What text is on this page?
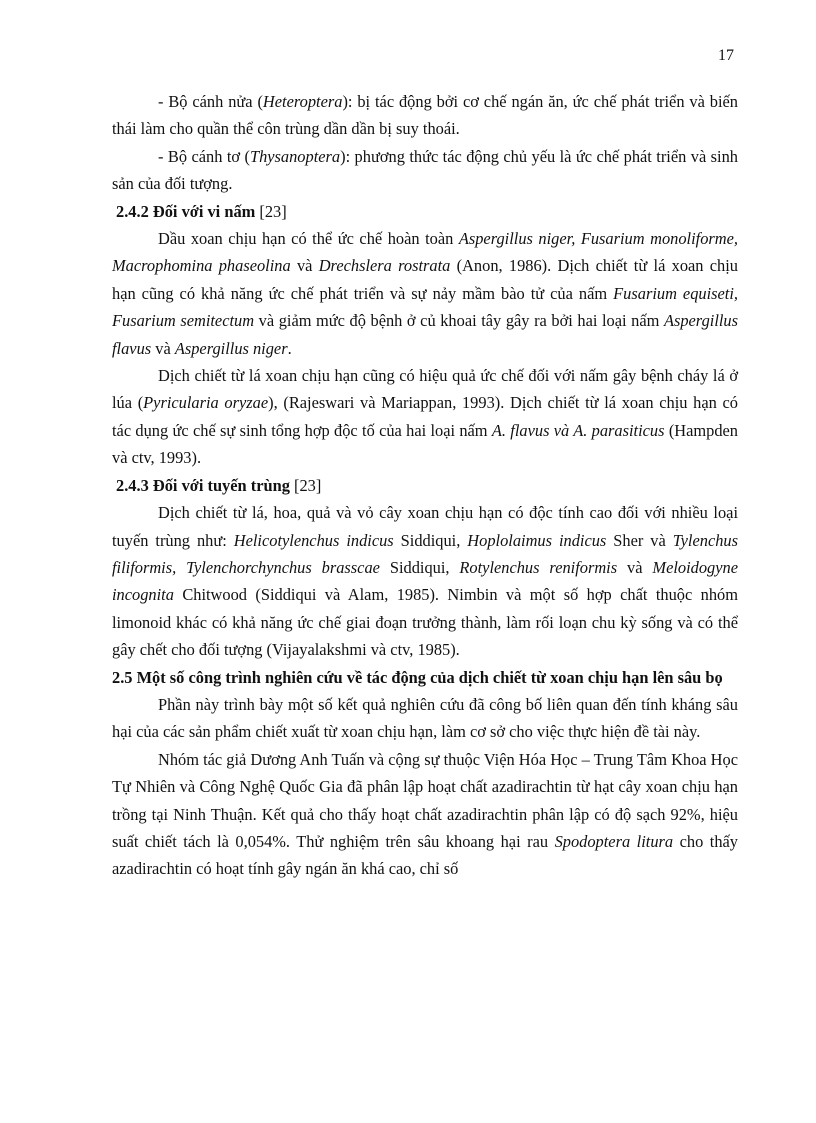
17

- Bộ cánh nửa (Heteroptera): bị tác động bởi cơ chế ngán ăn, ức chế phát triển và biến thái làm cho quần thể côn trùng dần dần bị suy thoái.

- Bộ cánh tơ (Thysanoptera): phương thức tác động chủ yếu là ức chế phát triển và sinh sản của đối tượng.

2.4.2 Đối với vi nấm [23]

Dầu xoan chịu hạn có thể ức chế hoàn toàn Aspergillus niger, Fusarium monoliforme, Macrophomina phaseolina và Drechslera rostrata (Anon, 1986). Dịch chiết từ lá xoan chịu hạn cũng có khả năng ức chế phát triển và sự nảy mầm bào tử của nấm Fusarium equiseti, Fusarium semitectum và giảm mức độ bệnh ở củ khoai tây gây ra bởi hai loại nấm Aspergillus flavus và Aspergillus niger.

Dịch chiết từ lá xoan chịu hạn cũng có hiệu quả ức chế đối với nấm gây bệnh cháy lá ở lúa (Pyricularia oryzae), (Rajeswari và Mariappan, 1993). Dịch chiết từ lá xoan chịu hạn có tác dụng ức chế sự sinh tổng hợp độc tố của hai loại nấm A. flavus và A. parasiticus (Hampden và ctv, 1993).

2.4.3 Đối với tuyến trùng [23]

Dịch chiết từ lá, hoa, quả và vỏ cây xoan chịu hạn có độc tính cao đối với nhiều loại tuyến trùng như: Helicotylenchus indicus Siddiqui, Hoplolaimus indicus Sher và Tylenchus filiformis, Tylenchorchynchus brasscae Siddiqui, Rotylenchus reniformis và Meloidogyne incognita Chitwood (Siddiqui và Alam, 1985). Nimbin và một số hợp chất thuộc nhóm limonoid khác có khả năng ức chế giai đoạn trưởng thành, làm rối loạn chu kỳ sống và có thể gây chết cho đối tượng (Vijayalakshmi và ctv, 1985).

2.5 Một số công trình nghiên cứu về tác động của dịch chiết từ xoan chịu hạn lên sâu bọ

Phần này trình bày một số kết quả nghiên cứu đã công bố liên quan đến tính kháng sâu hại của các sản phẩm chiết xuất từ xoan chịu hạn, làm cơ sở cho việc thực hiện đề tài này.

Nhóm tác giả Dương Anh Tuấn và cộng sự thuộc Viện Hóa Học – Trung Tâm Khoa Học Tự Nhiên và Công Nghệ Quốc Gia đã phân lập hoạt chất azadirachtin từ hạt cây xoan chịu hạn trồng tại Ninh Thuận. Kết quả cho thấy hoạt chất azadirachtin phân lập có độ sạch 92%, hiệu suất chiết tách là 0,054%. Thử nghiệm trên sâu khoang hại rau Spodoptera litura cho thấy azadirachtin có hoạt tính gây ngán ăn khá cao, chỉ số
